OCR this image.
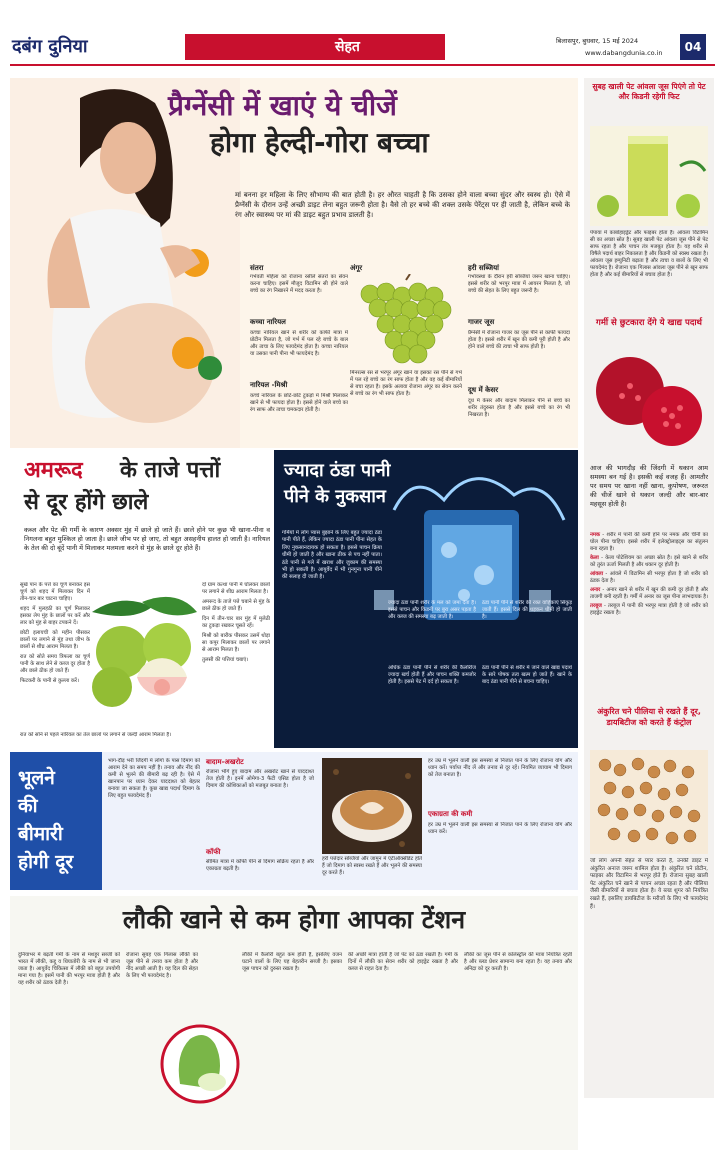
दबंग दुनिया	सेहत	बिलासपुर, बुधवार, 15 मई 2024
www.dabangdunia.co.in	04
प्रैग्नेंसी में खाएं ये चीजें
होगा हेल्दी-गोरा बच्चा
मां बनना हर महिला के लिए सौभाग्य की बात होती है। हर औरत चाहती है कि उसका होने वाला बच्चा सुंदर और स्वस्थ हो। ऐसे में प्रैग्नेंसी के दौरान उन्हें अच्छी डाइट लेना बहुत जरूरी होता है। वैसे तो हर बच्चे की शक्ल उसके पेरेंट्स पर ही जाती है, लेकिन बच्चे के रंग और स्वास्थ्य पर मां की डाइट बहुत प्रभाव डालती है।
संतरा
गर्भवती महिला को रोजाना रसीले संतरों का सेवन करना चाहिए। इसमें मौजूद विटामिन सी होने वाले बच्चे का रंग निखारने में मदद करता है।
कच्चा नारियल
कच्चा नारियल खाने से शरीर को काफी मात्रा में प्रोटीन मिलता है, जो गर्भ में पल रहे बच्चे के बाल और त्वचा के लिए फायदेमंद होता है। कच्चा नारियल या उसका पानी पीना भी फायदेमंद है।
नारियल -मिश्री
कच्चे नारियल के छोटे-छोटे टुकड़ों में मिश्री मिलाकर खाने से भी फायदा होता है। इससे होने वाले बच्चे का रंग साफ और त्वचा चमकदार होती है।
अंगूर
मिनरल्स रस से भरपूर अंगूर खाने या इसका रस पीने से गर्भ में पल रहे बच्चे का रंग साफ होता है और वह कई बीमारियों से बचा रहता है। इसके अलावा रोजाना अंगूर का सेवन करने से बच्चे का रंग भी साफ होता है।
हरी सब्जियां
गर्भावस्था के दौरान हरी सब्जियां जरूर खाना चाहिए। इससे शरीर को भरपूर मात्रा में आयरन मिलता है, जो बच्चे की सेहत के लिए बहुत जरूरी है।
गाजर जूस
प्रैग्नेंसी में रोजाना गाजर का जूस पीने से काफी फायदा होता है। इससे शरीर में खून की कमी पूरी होती है और होने वाले बच्चे की त्वचा भी साफ होती है।
दूध में केसर
दूध में केसर और बादाम मिलाकर पीने से बच्चे का शरीर तंदुरुस्त होता है और इससे बच्चे का रंग भी निखरता है।
अमरूद के ताजे पत्तों
से दूर होंगे छाले
कब्ज और पेट की गर्मी के कारण अक्सर मुंह में छाले हो जाते हैं। छाले होने पर कुछ भी खाना-पीना व निगलना बहुत मुश्किल हो जाता है। छाले जीभ पर हो जाए, तो बहुत असहनीय हालत हो जाती है। नारियल के तेल की दो बूंदें पानी में मिलाकर मलमला करने से मुंह के छाले दूर होते हैं।
सूखे पान के पत्ते का चूर्ण बनाकर इस चूर्ण को शहद में मिलाकर दिन में तीन-चार बार चाटना चाहिए।
शहद में मुलहठी का चूर्ण मिलाकर इसका लेप मुंह के छालों पर करें और लार को मुंह से बाहर टपकने दें।
छोटी इलायची को महीन पीसकर छालों पर लगाने से मुंह तथा जीभ के छालों से शीघ्र आराम मिलता है।
रात को सोते समय त्रिफला का चूर्ण पानी के साथ लेने से कब्ज दूर होता है और छाले ठीक हो जाते हैं।
फिटकरी के पानी से कुल्ला करें।
दो ग्राम कत्था पानी में घोलकर छालों पर लगाने से शीघ्र आराम मिलता है।
अमरूद के ताजे पत्ते चबाने से मुंह के छाले ठीक हो जाते हैं।
दिन में तीन-चार बार मुंह में मुलेठी का टुकड़ा रखकर चूसते रहें।
मिश्री को बारीक पीसकर उसमें थोड़ा सा कपूर मिलाकर छालों पर लगाने से आराम मिलता है।
तुलसी की पत्तियां चबाएं।
रात को सोने से पहले नारियल का तेल छालों पर लगाने से जल्दी आराम मिलता है।
ज्यादा ठंडा पानी
पीने के नुकसान
गर्मियों में लोग प्यास बुझाने के लिए बहुत ज्यादा ठंडा पानी पीते हैं, लेकिन ज्यादा ठंडा पानी पीना सेहत के लिए नुकसानदायक हो सकता है। इससे पाचन क्रिया धीमी हो जाती है और खाना ठीक से पच नहीं पाता। ठंडे पानी से गले में खराश और जुकाम की समस्या भी हो सकती है। आयुर्वेद में भी गुनगुना पानी पीने की सलाह दी जाती है।
ज्यादा ठंडा पानी शरीर के मल को जमा देता है। इससे पाचन और किडनी पर बुरा असर पड़ता है और कब्ज की समस्या बढ़ जाती है।
अधिक ठंडा पानी पीने से शरीर की कैलोरीज ज्यादा खर्च होती हैं और पाचन शक्ति कमजोर होती है। इससे पेट में दर्द हो सकता है।
ठंडा पानी पीने से शरीर की रक्त वाहिकाएं सिकुड़ जाती हैं। इससे दिल की धड़कन धीमी हो जाती है।
ठंडा पानी पीने से शरीर में जाने वाले खाद्य पदार्थ के सारे पोषक तत्व खत्म हो जाते हैं। खाने के बाद ठंडा पानी पीने से बचना चाहिए।
सुबह खाली पेट आंवला जूस पिएंगे तो पेट और किडनी रहेगी फिट
पेपाया में कार्बोहाइड्रेट और फाइबर होता है। आंवला विटामिन सी का अच्छा स्रोत है। सुबह खाली पेट आंवला जूस पीने से पेट साफ रहता है और पाचन तंत्र मजबूत होता है। यह शरीर से विषैले पदार्थ बाहर निकालता है और किडनी को स्वस्थ रखता है। आंवला जूस इम्युनिटी बढ़ाता है और त्वचा व बालों के लिए भी फायदेमंद है। रोजाना एक गिलास आंवला जूस पीने से खून साफ होता है और कई बीमारियों से बचाव होता है।
गर्मी से छुटकारा देंगे ये खाद्य पदार्थ
आज की भागदौड़ की जिंदगी में थकान आम समस्या बन गई है। इसकी कई वजह हैं। आमतौर पर समय पर खाना नहीं खाना, कुपोषण, जरूरत की चीजें खाने से थकान जल्दी और बार-बार महसूस होती है।
नमक - शरीर में पानी की कमी होने पर नमक और चीनी का घोल पीना चाहिए। इससे शरीर में इलेक्ट्रोलाइट्स का संतुलन बना रहता है।
केला - केला पोटेशियम का अच्छा स्रोत है। इसे खाने से शरीर को तुरंत ऊर्जा मिलती है और थकान दूर होती है।
आंवला - आंवले में विटामिन सी भरपूर होता है जो शरीर को ठंडक देता है।
अनार - अनार खाने से शरीर में खून की कमी दूर होती है और ताजगी बनी रहती है। गर्मी में अनार का जूस पीना लाभदायक है।
तरबूज - तरबूज में पानी की भरपूर मात्रा होती है जो शरीर को हाइड्रेट रखता है।
अंकुरित चने पीलिया से रखते हैं दूर, डायबिटीज को करते हैं कंट्रोल
जो लोग अपनी सेहत से प्यार करते हैं, उनकी डाइट में अंकुरित अनाज जरूर शामिल होता है। अंकुरित चने प्रोटीन, फाइबर और विटामिन से भरपूर होते हैं। रोजाना सुबह खाली पेट अंकुरित चने खाने से पाचन अच्छा रहता है और पीलिया जैसी बीमारियों से बचाव होता है। ये ब्लड शुगर को नियंत्रित रखते हैं, इसलिए डायबिटीज के मरीजों के लिए भी फायदेमंद हैं।
भूलने
की
बीमारी
होगी दूर
भाग-दौड़ भरी जिंदगी में लोगों के पास दिमाग को आराम देने का समय नहीं है। तनाव और नींद की कमी से भूलने की बीमारी बढ़ रही है। ऐसे में खानपान पर ध्यान देकर याददाश्त को बेहतर बनाया जा सकता है। कुछ खाद्य पदार्थ दिमाग के लिए बहुत फायदेमंद हैं।
बादाम-अखरोट
रोजाना भीगे हुए बादाम और अखरोट खाने से याददाश्त तेज होती है। इनमें ओमेगा-3 फैटी एसिड होता है जो दिमाग की कोशिकाओं को मजबूत बनाता है।
कॉफी
सीमित मात्रा में कॉफी पीने से दिमाग सक्रिय रहता है और एकाग्रता बढ़ती है।
हरी पत्तेदार सब्जियों और जामुन में एंटीऑक्सीडेंट होते हैं जो दिमाग को स्वस्थ रखते हैं और भूलने की समस्या दूर करते हैं।
एकाग्रता की कमी
हर उम्र में भूलने वाली इस समस्या से निजात पाने के लिए रोजाना योग और ध्यान करें। पर्याप्त नींद लें और तनाव से दूर रहें। नियमित व्यायाम भी दिमाग को तेज बनाता है।
हर उम्र में भूलने वाली इस समस्या से निजात पाने के लिए रोजाना योग और ध्यान करें।
लौकी खाने से कम होगा आपका टेंशन
दुनियाभर में बढ़ती गर्मी के नाम से मशहूर सब्जी को भारत में लौकी, कद्दू व धियातोरी के नाम से भी जाना जाता है। आयुर्वेद चिकित्सा में लौकी को बहुत उपयोगी माना गया है। इसमें पानी की भरपूर मात्रा होती है और यह शरीर को ठंडक देती है।
रोजाना सुबह एक गिलास लौकी का जूस पीने से तनाव कम होता है और नींद अच्छी आती है। यह दिल की सेहत के लिए भी फायदेमंद है।
लौकी में कैलोरी बहुत कम होती है, इसलिए वजन घटाने वालों के लिए यह बेहतरीन सब्जी है। इसका जूस पाचन को दुरुस्त रखता है।
की अच्छी मात्रा होती है जो पेट को ठंडा रखती है। गर्मी के दिनों में लौकी का सेवन शरीर को हाइड्रेट रखता है और कब्ज से राहत देता है।
लौकी का जूस पीने से कोलेस्ट्रॉल की मात्रा नियंत्रित रहती है और ब्लड प्रेशर सामान्य बना रहता है। यह तनाव और अनिद्रा को दूर करती है।
